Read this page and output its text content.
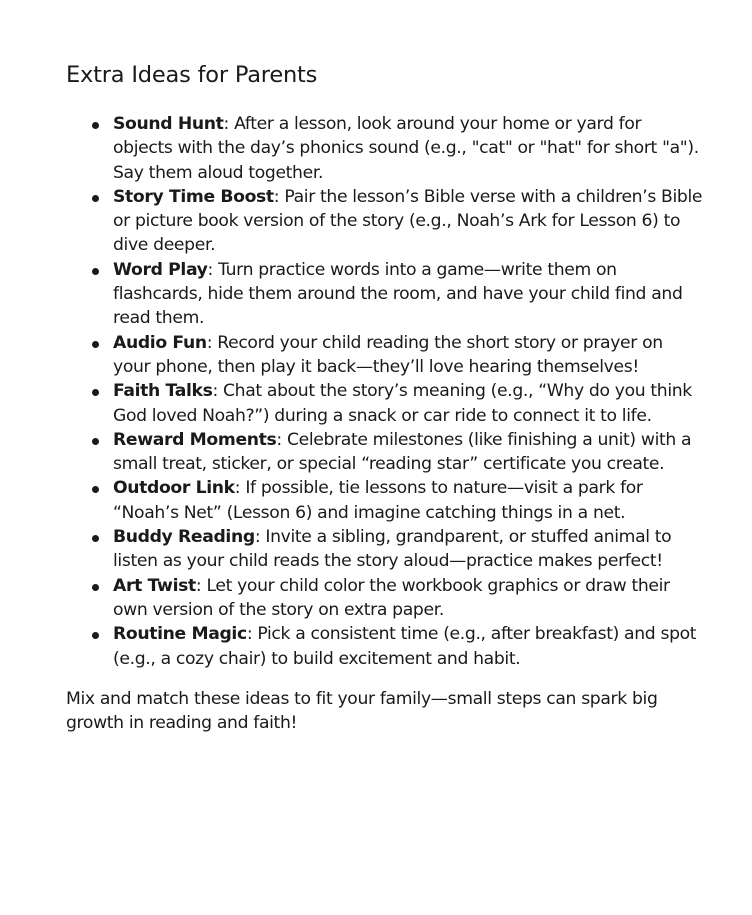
Extra Ideas for Parents
Sound Hunt: After a lesson, look around your home or yard for objects with the day’s phonics sound (e.g., "cat" or "hat" for short "a"). Say them aloud together.
Story Time Boost: Pair the lesson’s Bible verse with a children’s Bible or picture book version of the story (e.g., Noah’s Ark for Lesson 6) to dive deeper.
Word Play: Turn practice words into a game—write them on flashcards, hide them around the room, and have your child find and read them.
Audio Fun: Record your child reading the short story or prayer on your phone, then play it back—they’ll love hearing themselves!
Faith Talks: Chat about the story’s meaning (e.g., “Why do you think God loved Noah?”) during a snack or car ride to connect it to life.
Reward Moments: Celebrate milestones (like finishing a unit) with a small treat, sticker, or special “reading star” certificate you create.
Outdoor Link: If possible, tie lessons to nature—visit a park for “Noah’s Net” (Lesson 6) and imagine catching things in a net.
Buddy Reading: Invite a sibling, grandparent, or stuffed animal to listen as your child reads the story aloud—practice makes perfect!
Art Twist: Let your child color the workbook graphics or draw their own version of the story on extra paper.
Routine Magic: Pick a consistent time (e.g., after breakfast) and spot (e.g., a cozy chair) to build excitement and habit.

Mix and match these ideas to fit your family—small steps can spark big growth in reading and faith!
